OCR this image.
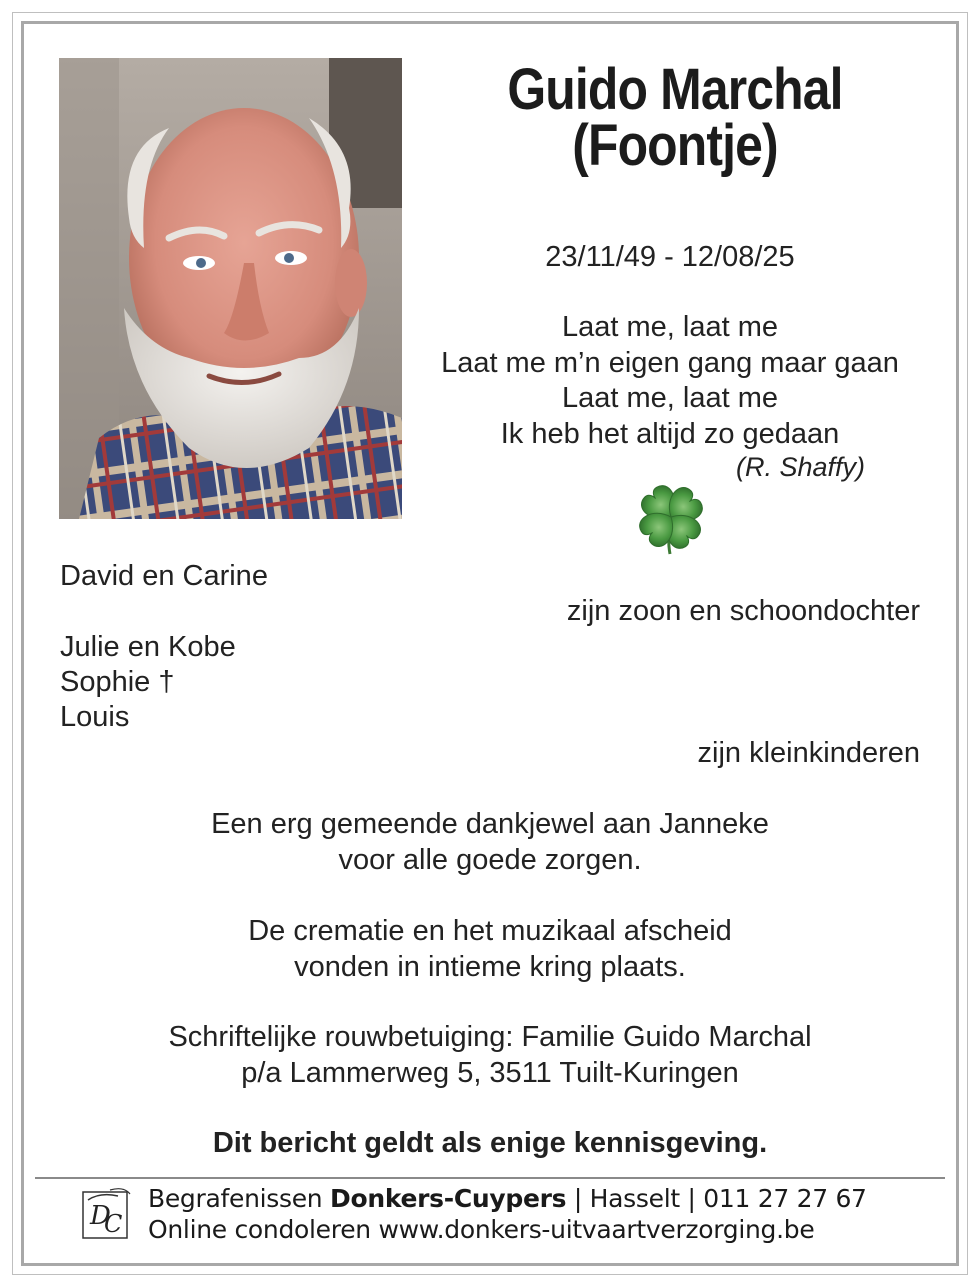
Guido Marchal
(Foontje)
23/11/49 - 12/08/25
Laat me, laat me
Laat me m’n eigen gang maar gaan
Laat me, laat me
Ik heb het altijd zo gedaan
(R. Shaffy)
David en Carine
zijn zoon en schoondochter
Julie en Kobe
Sophie †
Louis
zijn kleinkinderen
Een erg gemeende dankjewel aan Janneke
voor alle goede zorgen.
De crematie en het muzikaal afscheid
vonden in intieme kring plaats.
Schriftelijke rouwbetuiging: Familie Guido Marchal
p/a Lammerweg 5, 3511 Tuilt-Kuringen
Dit bericht geldt als enige kennisgeving.
D
C
Begrafenissen Donkers-Cuypers | Hasselt | 011 27 27 67
Online condoleren www.donkers-uitvaartverzorging.be
